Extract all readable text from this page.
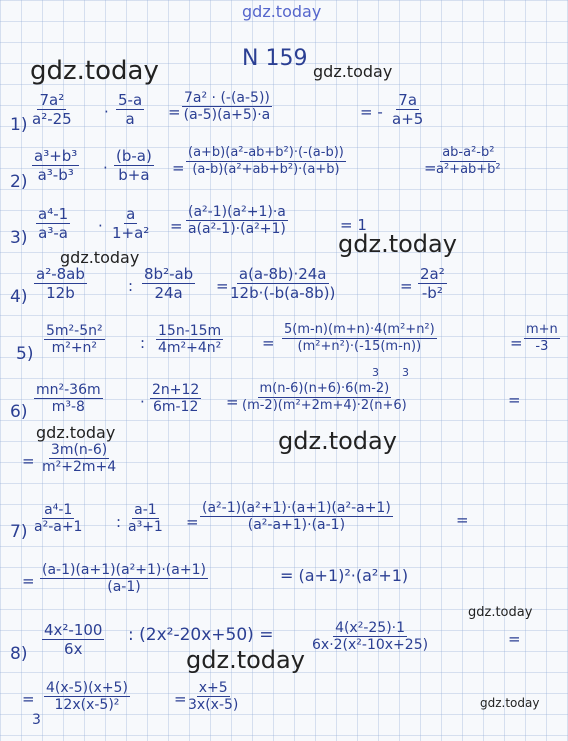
gdz.today
gdz.today	gdz.today
gdz.today
gdz.today
gdz.today	gdz.today
gdz.today
gdz.today
gdz.today
N 159
$1) \frac{\text{7a²}}{\text{a²-25}} \cdot \frac{5-a}{a} = \frac{\text{7a² · (-(a-5))}}{(a-5)(a+5)\cdot a}$	= - $\frac{7a}{a+5}$
$2) \frac{\text{a³+b³}}{\text{a³-b³}} \cdot \frac{(b-a)}{b+a} = \frac{\text{(a+b)(a²-ab+b²)·(-(a-b))}}{\text{(a-b)(a²+ab+b²)·(a+b)}}$	= $\frac{\text{ab-a²-b²}}{\text{a²+ab+b²}}$
$3) \frac{\text{a⁴-1}}{\text{a³-a}} \cdot \frac{a}{\text{1+a²}} = \frac{\text{(a²-1)(a²+1)·a}}{\text{a(a²-1)·(a²+1)}}$	= 1
$4) \frac{\text{a²-8ab}}{12b}$	: $\frac{\text{8b²-ab}}{24a} = \frac{a(a-8b)\cdot 24a}{12b\cdot(-b(a-8b))}$	= $\frac{\text{2a²}}{\text{-b²}}$
$5) \frac{\text{5m²-5n²}}{\text{m²+n²}}$ : $\frac{15n-15m}{\text{4m²+4n²}}$	= $\frac{\text{5(m-n)(m+n)·4(m²+n²)}}{\text{(m²+n²)·(-15(m-n))}}$	= $\frac{m+n}{-3}$
$6) \frac{\text{mn²-36m}}{\text{m³-8}} \cdot \frac{2n+12}{6m-12} = \frac{m(n-6)(n+6)\cdot 6(m-2)}{\text{(m-2)(m²+2m+4)·2(n+6)}}$	=
3 3
= $\frac{3m(n-6)}{\text{m²+2m+4}}$
$7) \frac{\text{a⁴-1}}{\text{a²-a+1}}$ : $\frac{a-1}{\text{a³+1}} = \frac{\text{(a²-1)(a²+1)·(a+1)(a²-a+1)}}{\text{(a²-a+1)·(a-1)}}$	=
= $\frac{\text{(a-1)(a+1)(a²+1)·(a+1)}}{(a-1)}$	= (a+1)²·(a²+1)
$8) \frac{\text{4x²-100}}{6x}$ : (2x²-20x+50) =	$\frac{\text{4(x²-25)·1}}{\text{6x·2(x²-10x+25)}}$	=
= $\frac{4(x-5)(x+5)}{\text{12x(x-5)²}}$	= $\frac{x+5}{3x(x-5)}$
3
